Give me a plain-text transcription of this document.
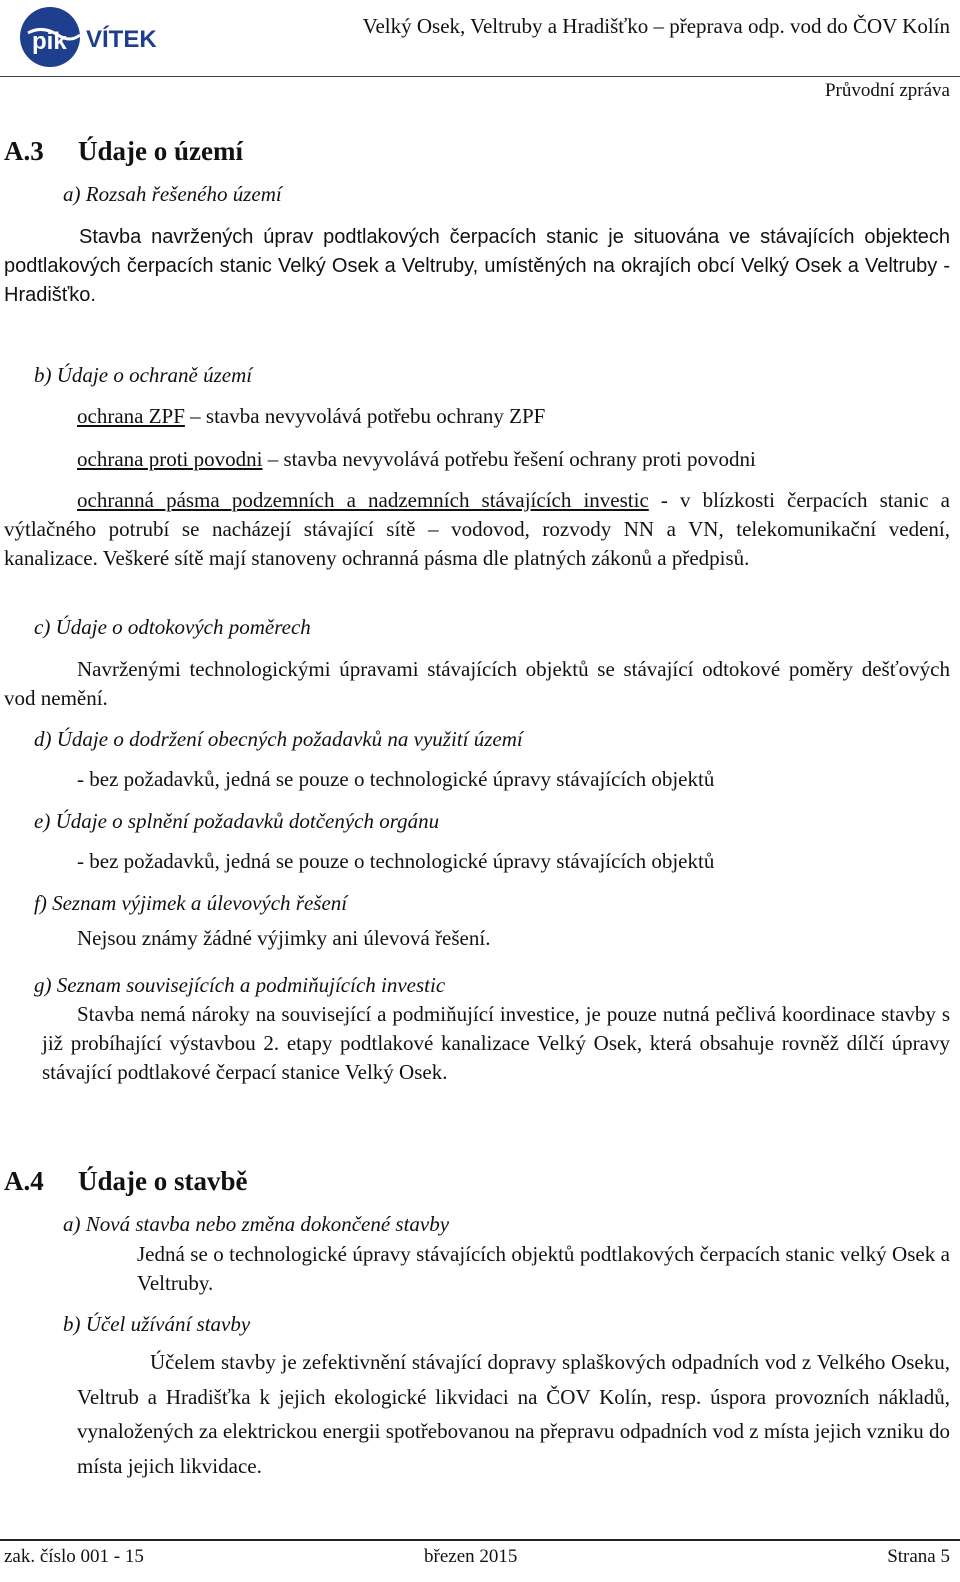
pik VÍTEK	Velký Osek, Veltruby a Hradišťko – přeprava odp. vod do ČOV Kolín
Průvodní zpráva
A.3 Údaje o území
a) Rozsah řešeného území
Stavba navržených úprav podtlakových čerpacích stanic je situována ve stávajících objektech podtlakových čerpacích stanic Velký Osek a Veltruby, umístěných na okrajích obcí Velký Osek a Veltruby - Hradišťko.
b) Údaje o ochraně území
ochrana ZPF – stavba nevyvolává potřebu ochrany ZPF
ochrana proti povodni – stavba nevyvolává potřebu řešení ochrany proti povodni
ochranná pásma podzemních a nadzemních stávajících investic - v blízkosti čerpacích stanic a výtlačného potrubí se nacházejí stávající sítě – vodovod, rozvody NN a VN, telekomunikační vedení, kanalizace. Veškeré sítě mají stanoveny ochranná pásma dle platných zákonů a předpisů.
c) Údaje o odtokových poměrech
Navrženými technologickými úpravami stávajících objektů se stávající odtokové poměry dešťových vod nemění.
d) Údaje o dodržení obecných požadavků na využití území
- bez požadavků, jedná se pouze o technologické úpravy stávajících objektů
e) Údaje o splnění požadavků dotčených orgánu
- bez požadavků, jedná se pouze o technologické úpravy stávajících objektů
f) Seznam výjimek a úlevových řešení
Nejsou známy žádné výjimky ani úlevová řešení.
g) Seznam souvisejících a podmiňujících investic
Stavba nemá nároky na související a podmiňující investice, je pouze nutná pečlivá koordinace stavby s již probíhající výstavbou 2. etapy podtlakové kanalizace Velký Osek, která obsahuje rovněž dílčí úpravy stávající podtlakové čerpací stanice Velký Osek.
A.4 Údaje o stavbě
a) Nová stavba nebo změna dokončené stavby
Jedná se o technologické úpravy stávajících objektů podtlakových čerpacích stanic velký Osek a Veltruby.
b) Účel užívání stavby
Účelem stavby je zefektivnění stávající dopravy splaškových odpadních vod z Velkého Oseku, Veltrub a Hradišťka k jejich ekologické likvidaci na ČOV Kolín, resp. úspora provozních nákladů, vynaložených za elektrickou energii spotřebovanou na přepravu odpadních vod z místa jejich vzniku do místa jejich likvidace.
zak. číslo 001 - 15	březen 2015	Strana 5
